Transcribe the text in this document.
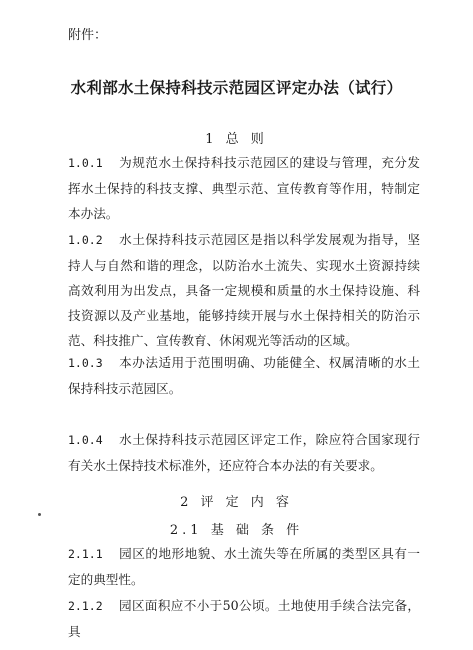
附件：
水利部水土保持科技示范园区评定办法（试行）
1 总 则
1.0.1 为规范水土保持科技示范园区的建设与管理，充分发挥水土保持的科技支撑、典型示范、宣传教育等作用，特制定本办法。
1.0.2 水土保持科技示范园区是指以科学发展观为指导，坚持人与自然和谐的理念，以防治水土流失、实现水土资源持续高效利用为出发点，具备一定规模和质量的水土保持设施、科技资源以及产业基地，能够持续开展与水土保持相关的防治示范、科技推广、宣传教育、休闲观光等活动的区域。
1.0.3 本办法适用于范围明确、功能健全、权属清晰的水土保持科技示范园区。
1.0.4 水土保持科技示范园区评定工作，除应符合国家现行有关水土保持技术标准外，还应符合本办法的有关要求。
2 评 定 内 容
2.1 基 础 条 件
2.1.1 园区的地形地貌、水土流失等在所属的类型区具有一定的典型性。
2.1.2 园区面积应不小于50公顷。土地使用手续合法完备，具
